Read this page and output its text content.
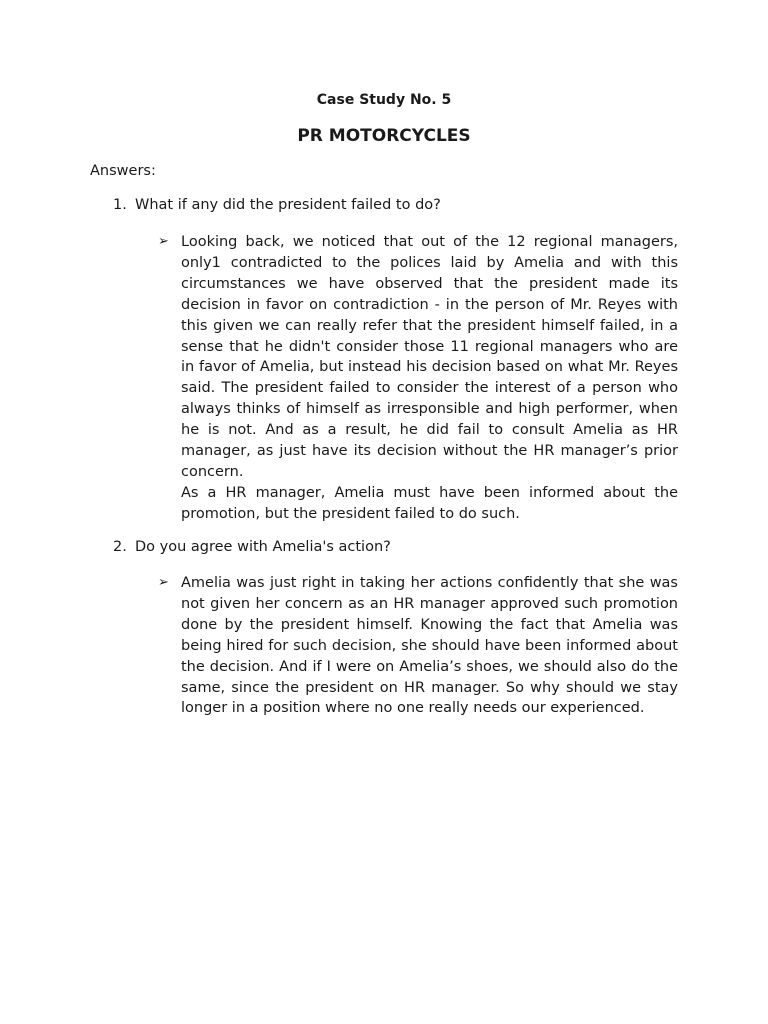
Case Study No. 5
PR MOTORCYCLES
Answers:
1. What if any did the president failed to do?
➢ Looking back, we noticed that out of the 12 regional managers, only1 contradicted to the polices laid by Amelia and with this circumstances we have observed that the president made its decision in favor on contradiction - in the person of Mr. Reyes with this given we can really refer that the president himself failed, in a sense that he didn't consider those 11 regional managers who are in favor of Amelia, but instead his decision based on what Mr. Reyes said. The president failed to consider the interest of a person who always thinks of himself as irresponsible and high performer, when he is not. And as a result, he did fail to consult Amelia as HR manager, as just have its decision without the HR manager’s prior concern.

As a HR manager, Amelia must have been informed about the promotion, but the president failed to do such.

2. Do you agree with Amelia's action?
➢ Amelia was just right in taking her actions confidently that she was not given her concern as an HR manager approved such promotion done by the president himself. Knowing the fact that Amelia was being hired for such decision, she should have been informed about the decision. And if I were on Amelia’s shoes, we should also do the same, since the president on HR manager. So why should we stay longer in a position where no one really needs our experienced.
